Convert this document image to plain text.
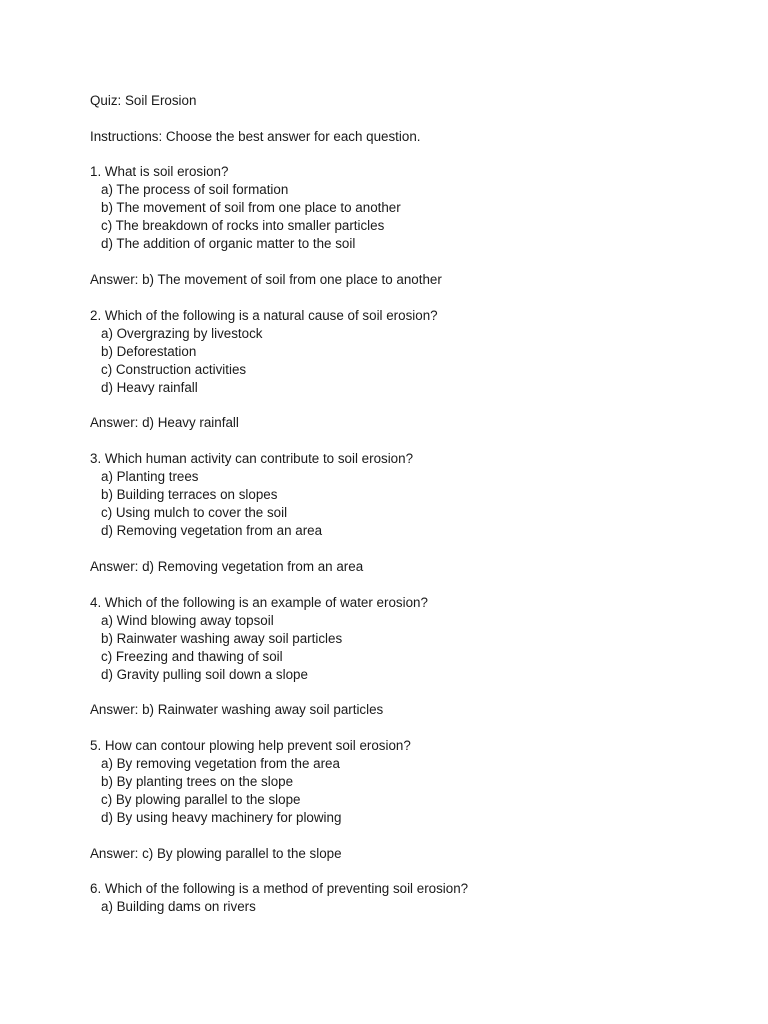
Quiz: Soil Erosion
Instructions: Choose the best answer for each question.
1. What is soil erosion?
a) The process of soil formation
b) The movement of soil from one place to another
c) The breakdown of rocks into smaller particles
d) The addition of organic matter to the soil
Answer: b) The movement of soil from one place to another
2. Which of the following is a natural cause of soil erosion?
a) Overgrazing by livestock
b) Deforestation
c) Construction activities
d) Heavy rainfall
Answer: d) Heavy rainfall
3. Which human activity can contribute to soil erosion?
a) Planting trees
b) Building terraces on slopes
c) Using mulch to cover the soil
d) Removing vegetation from an area
Answer: d) Removing vegetation from an area
4. Which of the following is an example of water erosion?
a) Wind blowing away topsoil
b) Rainwater washing away soil particles
c) Freezing and thawing of soil
d) Gravity pulling soil down a slope
Answer: b) Rainwater washing away soil particles
5. How can contour plowing help prevent soil erosion?
a) By removing vegetation from the area
b) By planting trees on the slope
c) By plowing parallel to the slope
d) By using heavy machinery for plowing
Answer: c) By plowing parallel to the slope
6. Which of the following is a method of preventing soil erosion?
a) Building dams on rivers
